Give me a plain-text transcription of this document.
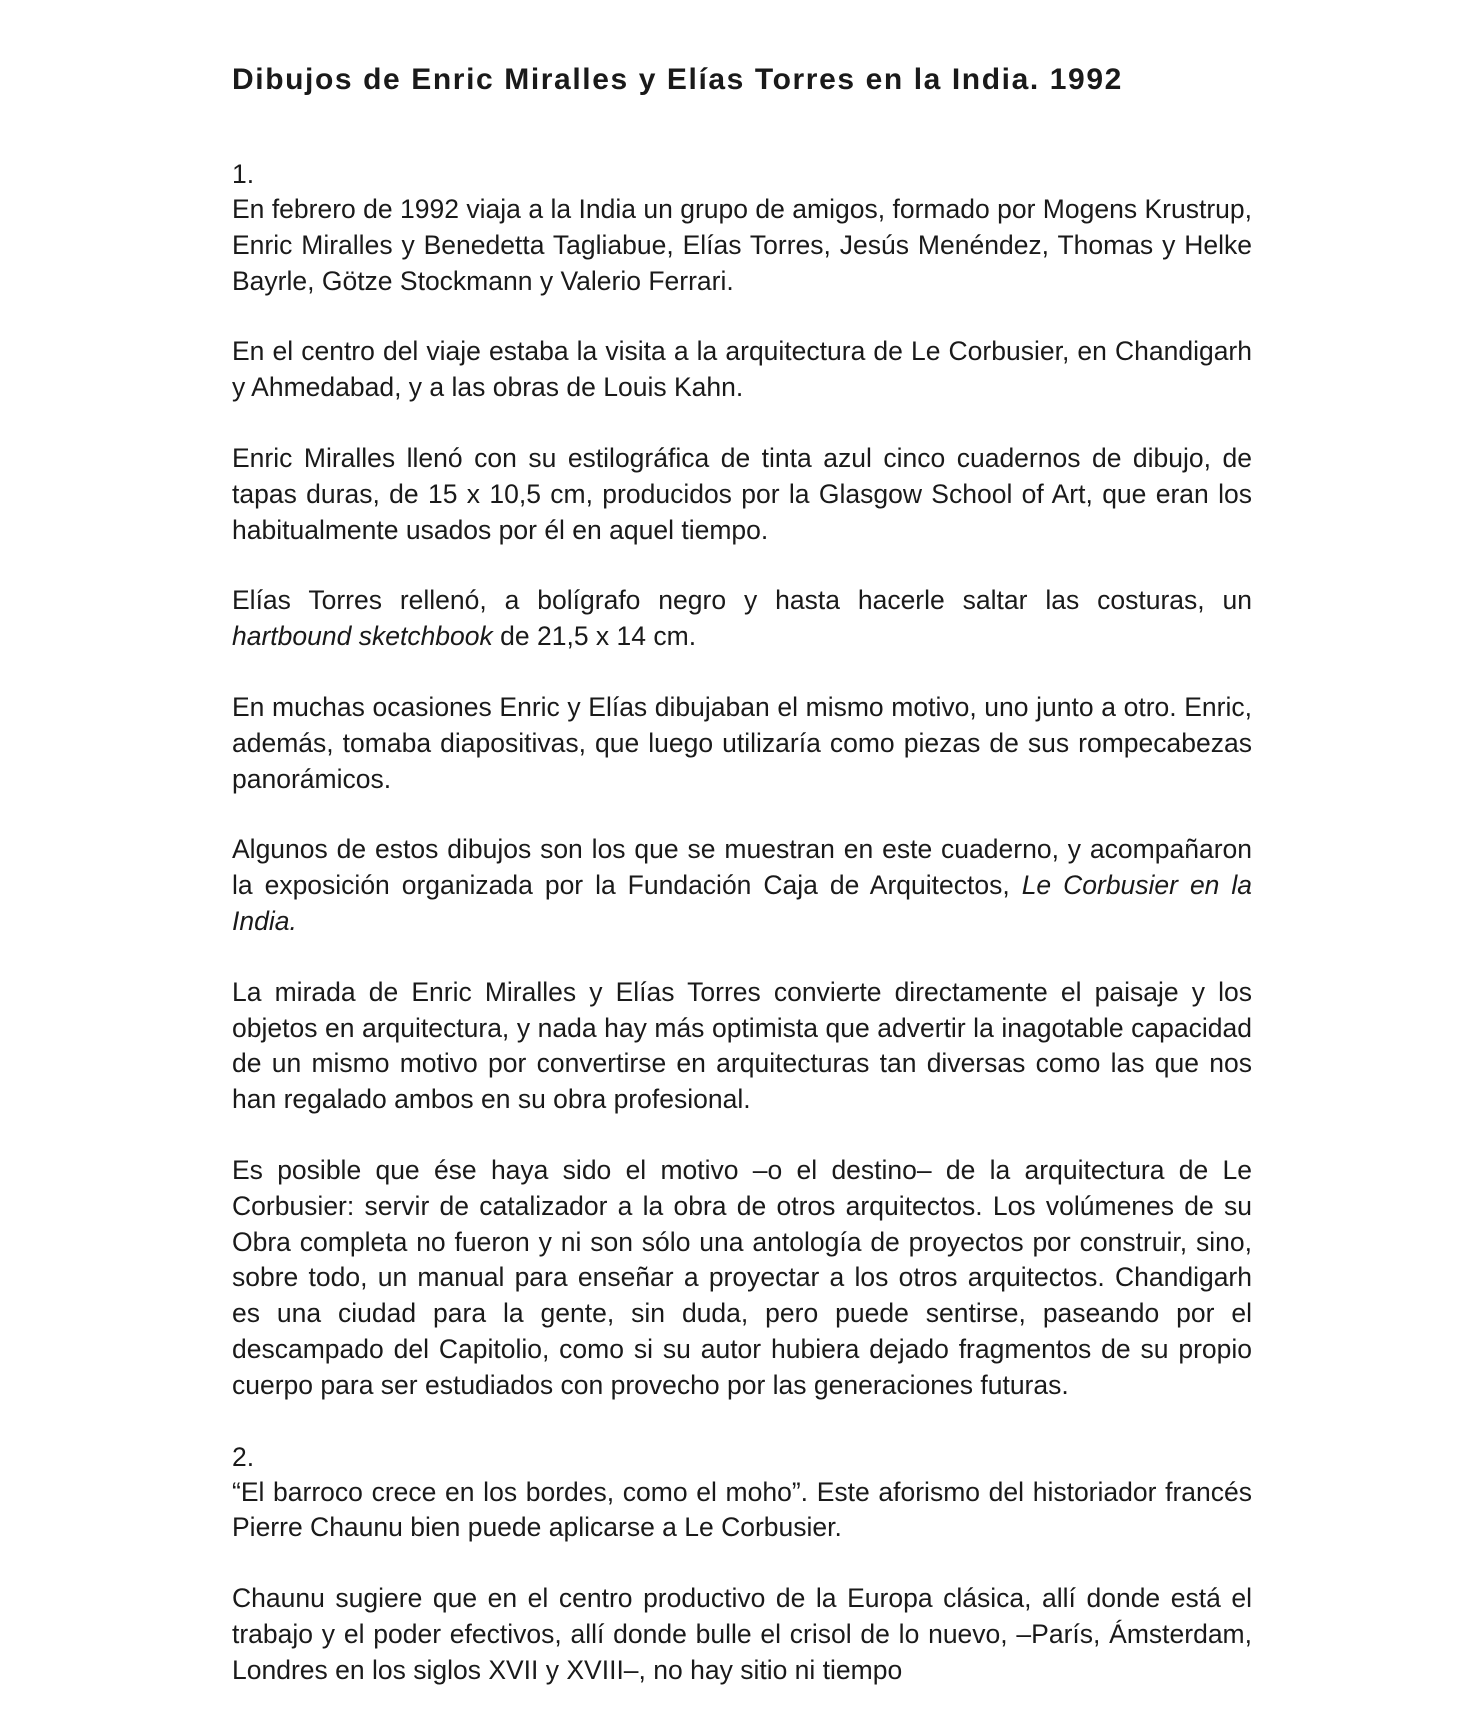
Dibujos de Enric Miralles y Elías Torres en la India. 1992

1.

En febrero de 1992 viaja a la India un grupo de amigos, formado por Mogens Krustrup, Enric Miralles y Benedetta Tagliabue, Elías Torres, Jesús Menéndez, Thomas y Helke Bayrle, Götze Stockmann y Valerio Ferrari.

En el centro del viaje estaba la visita a la arquitectura de Le Corbusier, en Chandigarh y Ahmedabad, y a las obras de Louis Kahn.

Enric Miralles llenó con su estilográfica de tinta azul cinco cuadernos de dibujo, de tapas duras, de 15 x 10,5 cm, producidos por la Glasgow School of Art, que eran los habitualmente usados por él en aquel tiempo.

Elías Torres rellenó, a bolígrafo negro y hasta hacerle saltar las costuras, un hartbound sketchbook de 21,5 x 14 cm.

En muchas ocasiones Enric y Elías dibujaban el mismo motivo, uno junto a otro. Enric, además, tomaba diapositivas, que luego utilizaría como piezas de sus rompecabezas panorámicos.

Algunos de estos dibujos son los que se muestran en este cuaderno, y acompañaron la exposición organizada por la Fundación Caja de Arquitectos, Le Corbusier en la India.

La mirada de Enric Miralles y Elías Torres convierte directamente el paisaje y los objetos en arquitectura, y nada hay más optimista que advertir la inagotable capacidad de un mismo motivo por convertirse en arquitecturas tan diversas como las que nos han regalado ambos en su obra profesional.

Es posible que ése haya sido el motivo –o el destino– de la arquitectura de Le Corbusier: servir de catalizador a la obra de otros arquitectos. Los volúmenes de su Obra completa no fueron y ni son sólo una antología de proyectos por construir, sino, sobre todo, un manual para enseñar a proyectar a los otros arquitectos. Chandigarh es una ciudad para la gente, sin duda, pero puede sentirse, paseando por el descampado del Capitolio, como si su autor hubiera dejado fragmentos de su propio cuerpo para ser estudiados con provecho por las generaciones futuras.

2.

“El barroco crece en los bordes, como el moho”. Este aforismo del historiador francés Pierre Chaunu bien puede aplicarse a Le Corbusier.

Chaunu sugiere que en el centro productivo de la Europa clásica, allí donde está el trabajo y el poder efectivos, allí donde bulle el crisol de lo nuevo, –París, Ámsterdam, Londres en los siglos XVII y XVIII–, no hay sitio ni tiempo
